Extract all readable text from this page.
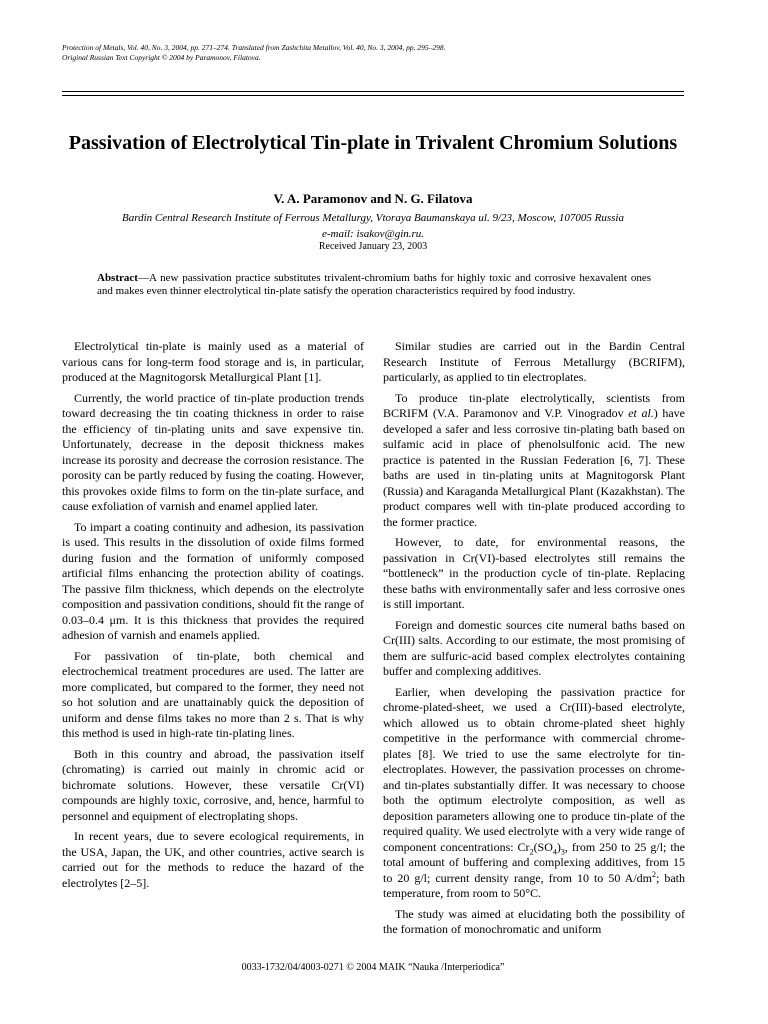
Protection of Metals, Vol. 40, No. 3, 2004, pp. 271–274. Translated from Zashchita Metallov, Vol. 40, No. 3, 2004, pp. 295–298.
Original Russian Text Copyright © 2004 by Paramonov, Filatova.
Passivation of Electrolytical Tin-plate in Trivalent Chromium Solutions
V. A. Paramonov and N. G. Filatova
Bardin Central Research Institute of Ferrous Metallurgy, Vtoraya Baumanskaya ul. 9/23, Moscow, 107005 Russia
e-mail: isakov@gin.ru.
Received January 23, 2003
Abstract—A new passivation practice substitutes trivalent-chromium baths for highly toxic and corrosive hexavalent ones and makes even thinner electrolytical tin-plate satisfy the operation characteristics required by food industry.

Electrolytical tin-plate is mainly used as a material of various cans for long-term food storage and is, in particular, produced at the Magnitogorsk Metallurgical Plant [1].

Currently, the world practice of tin-plate production trends toward decreasing the tin coating thickness in order to raise the efficiency of tin-plating units and save expensive tin. Unfortunately, decrease in the deposit thickness makes increase its porosity and decrease the corrosion resistance. The porosity can be partly reduced by fusing the coating. However, this provokes oxide films to form on the tin-plate surface, and cause exfoliation of varnish and enamel applied later.

To impart a coating continuity and adhesion, its passivation is used. This results in the dissolution of oxide films formed during fusion and the formation of uniformly composed artificial films enhancing the protection ability of coatings. The passive film thickness, which depends on the electrolyte composition and passivation conditions, should fit the range of 0.03–0.4 μm. It is this thickness that provides the required adhesion of varnish and enamels applied.

For passivation of tin-plate, both chemical and electrochemical treatment procedures are used. The latter are more complicated, but compared to the former, they need not so hot solution and are unattainably quick the deposition of uniform and dense films takes no more than 2 s. That is why this method is used in high-rate tin-plating lines.

Both in this country and abroad, the passivation itself (chromating) is carried out mainly in chromic acid or bichromate solutions. However, these versatile Cr(VI) compounds are highly toxic, corrosive, and, hence, harmful to personnel and equipment of electroplating shops.

In recent years, due to severe ecological requirements, in the USA, Japan, the UK, and other countries, active search is carried out for the methods to reduce the hazard of the electrolytes [2–5].

Similar studies are carried out in the Bardin Central Research Institute of Ferrous Metallurgy (BCRIFM), particularly, as applied to tin electroplates.

To produce tin-plate electrolytically, scientists from BCRIFM (V.A. Paramonov and V.P. Vinogradov et al.) have developed a safer and less corrosive tin-plating bath based on sulfamic acid in place of phenolsulfonic acid. The new practice is patented in the Russian Federation [6, 7]. These baths are used in tin-plating units at Magnitogorsk Plant (Russia) and Karaganda Metallurgical Plant (Kazakhstan). The product compares well with tin-plate produced according to the former practice.

However, to date, for environmental reasons, the passivation in Cr(VI)-based electrolytes still remains the “bottleneck” in the production cycle of tin-plate. Replacing these baths with environmentally safer and less corrosive ones is still important.

Foreign and domestic sources cite numeral baths based on Cr(III) salts. According to our estimate, the most promising of them are sulfuric-acid based complex electrolytes containing buffer and complexing additives.

Earlier, when developing the passivation practice for chrome-plated-sheet, we used a Cr(III)-based electrolyte, which allowed us to obtain chrome-plated sheet highly competitive in the performance with commercial chrome-plates [8]. We tried to use the same electrolyte for tin-electroplates. However, the passivation processes on chrome- and tin-plates substantially differ. It was necessary to choose both the optimum electrolyte composition, as well as deposition parameters allowing one to produce tin-plate of the required quality. We used electrolyte with a very wide range of component concentrations: $Cr_2(SO_4)_3$, from 250 to 25 g/l; the total amount of buffering and complexing additives, from 15 to 20 g/l; current density range, from 10 to 50 $A/dm^2$; bath temperature, from room to 50°C.

The study was aimed at elucidating both the possibility of the formation of monochromatic and uniform

0033-1732/04/4003-0271 © 2004 MAIK “Nauka /Interperiodica”
